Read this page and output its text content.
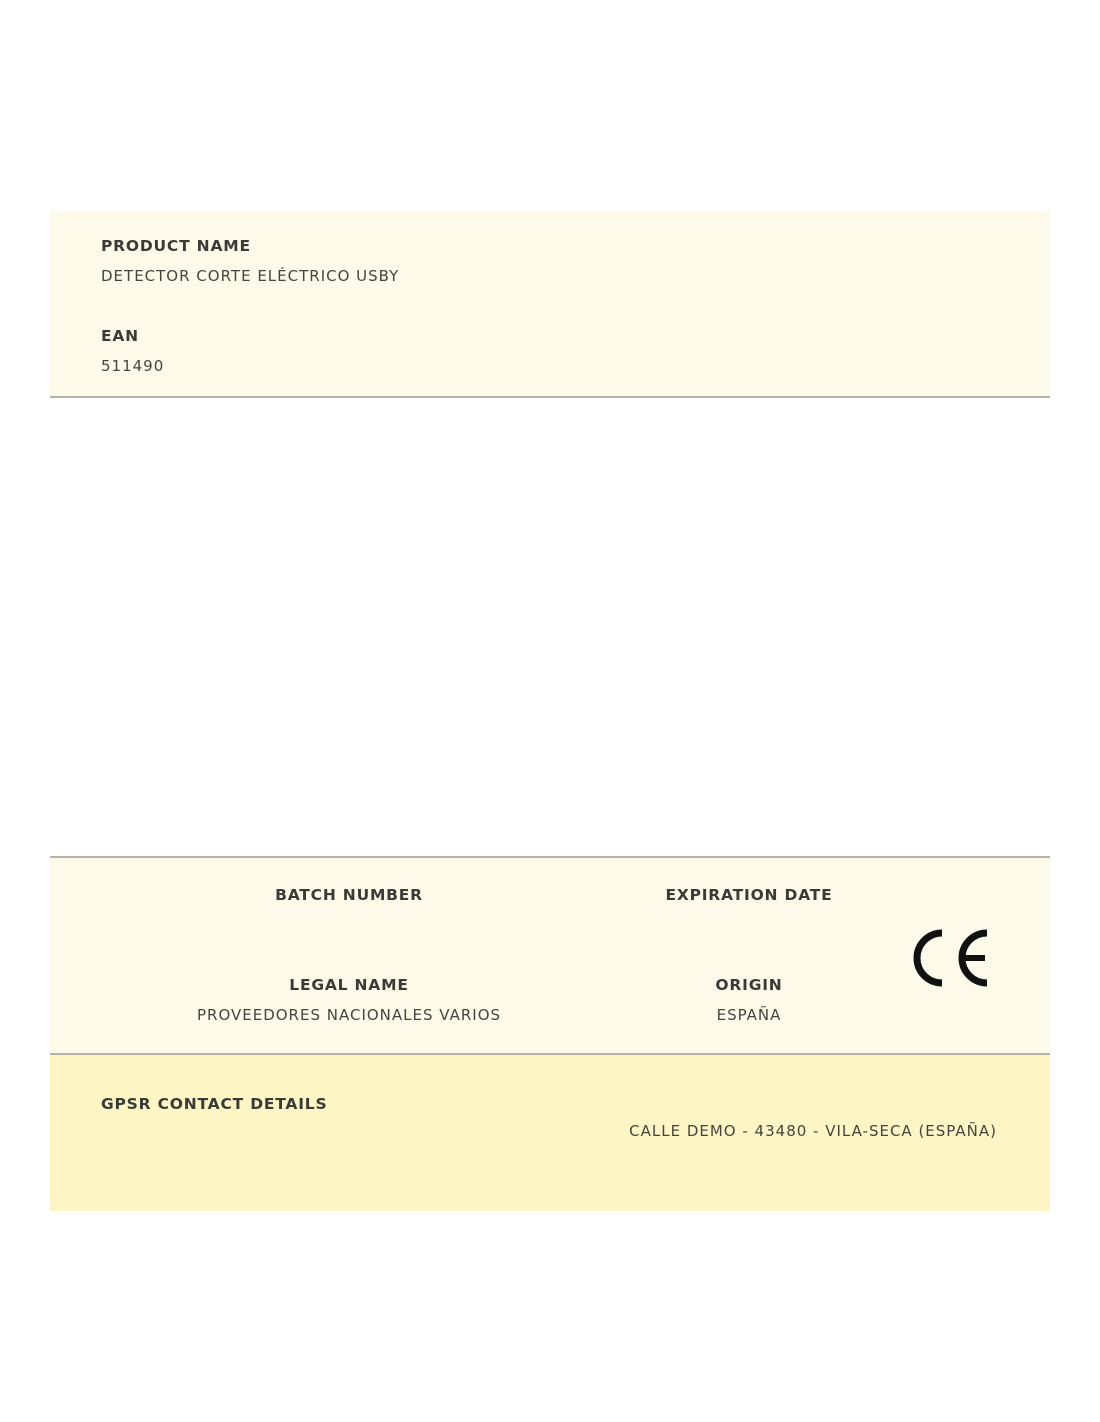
PRODUCT NAME
DETECTOR CORTE ELÉCTRICO USBY
EAN
511490
BATCH NUMBER	EXPIRATION DATE
LEGAL NAME
PROVEEDORES NACIONALES VARIOS
ORIGIN
ESPAÑA
GPSR CONTACT DETAILS
CALLE DEMO - 43480 - VILA-SECA (ESPAÑA)
